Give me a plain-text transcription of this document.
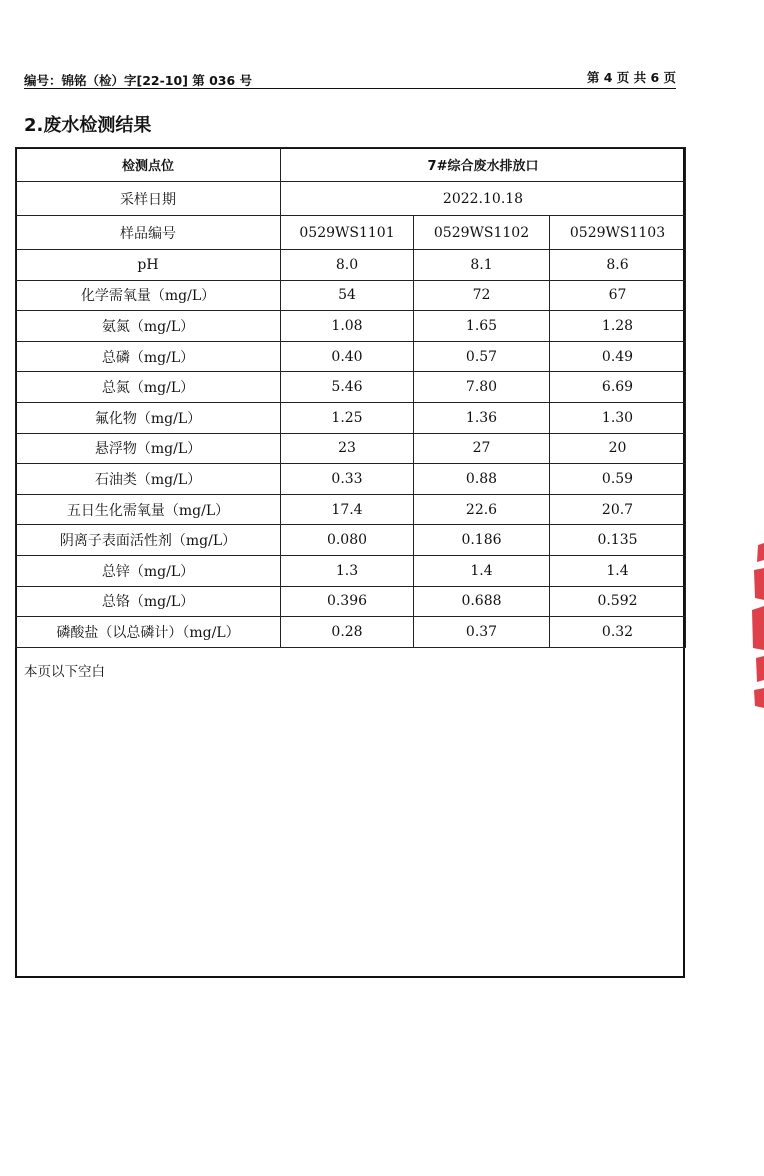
编号：锦铭（检）字[22-10] 第 036 号	第 4 页 共 6 页
2.废水检测结果
检测点位	7#综合废水排放口		
采样日期	2022.10.18		
样品编号	0529WS1101	0529WS1102	0529WS1103
pH	8.0	8.1	8.6
化学需氧量（mg/L）	54	72	67
氨氮（mg/L）	1.08	1.65	1.28
总磷（mg/L）	0.40	0.57	0.49
总氮（mg/L）	5.46	7.80	6.69
氟化物（mg/L）	1.25	1.36	1.30
悬浮物（mg/L）	23	27	20
石油类（mg/L）	0.33	0.88	0.59
五日生化需氧量（mg/L）	17.4	22.6	20.7
阴离子表面活性剂（mg/L）	0.080	0.186	0.135
总锌（mg/L）	1.3	1.4	1.4
总铬（mg/L）	0.396	0.688	0.592
磷酸盐（以总磷计）（mg/L）	0.28	0.37	0.32
本页以下空白
